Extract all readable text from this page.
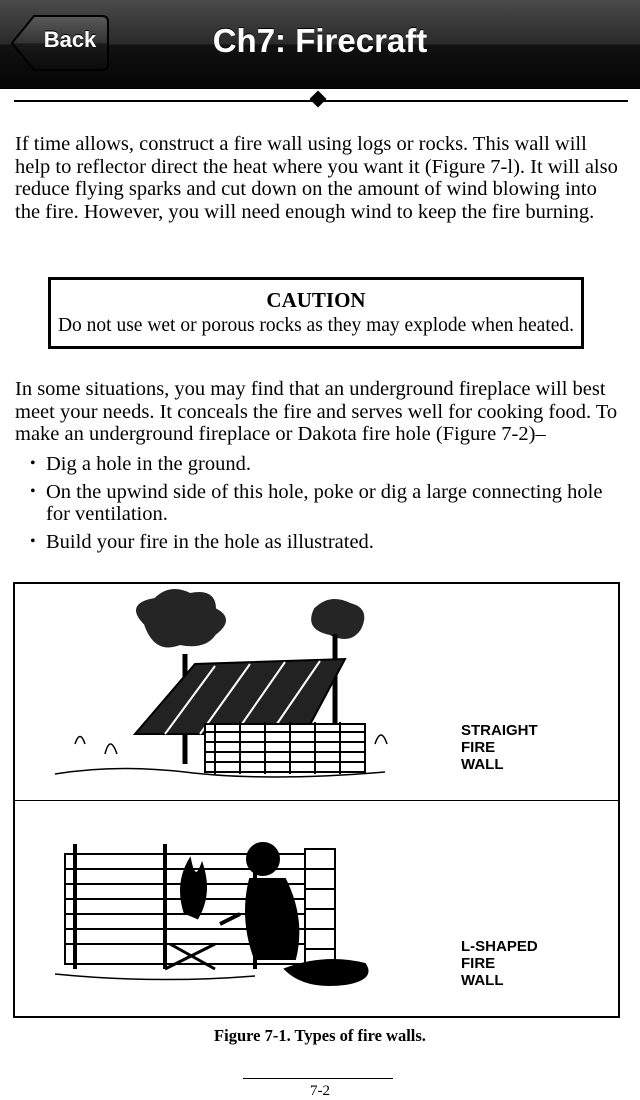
Back	Ch7: Firecraft

If time allows, construct a fire wall using logs or rocks. This wall will help to reflector direct the heat where you want it (Figure 7-l). It will also reduce flying sparks and cut down on the amount of wind blowing into the fire. However, you will need enough wind to keep the fire burning.

CAUTION
Do not use wet or porous rocks as they may explode when heated.

In some situations, you may find that an underground fireplace will best meet your needs. It conceals the fire and serves well for cooking food. To make an underground fireplace or Dakota fire hole (Figure 7-2)–

• Dig a hole in the ground.
• On the upwind side of this hole, poke or dig a large connecting hole for ventilation.
• Build your fire in the hole as illustrated.
STRAIGHT
FIRE
WALL
L-SHAPED
FIRE
WALL
Figure 7-1. Types of fire walls.
7-2
